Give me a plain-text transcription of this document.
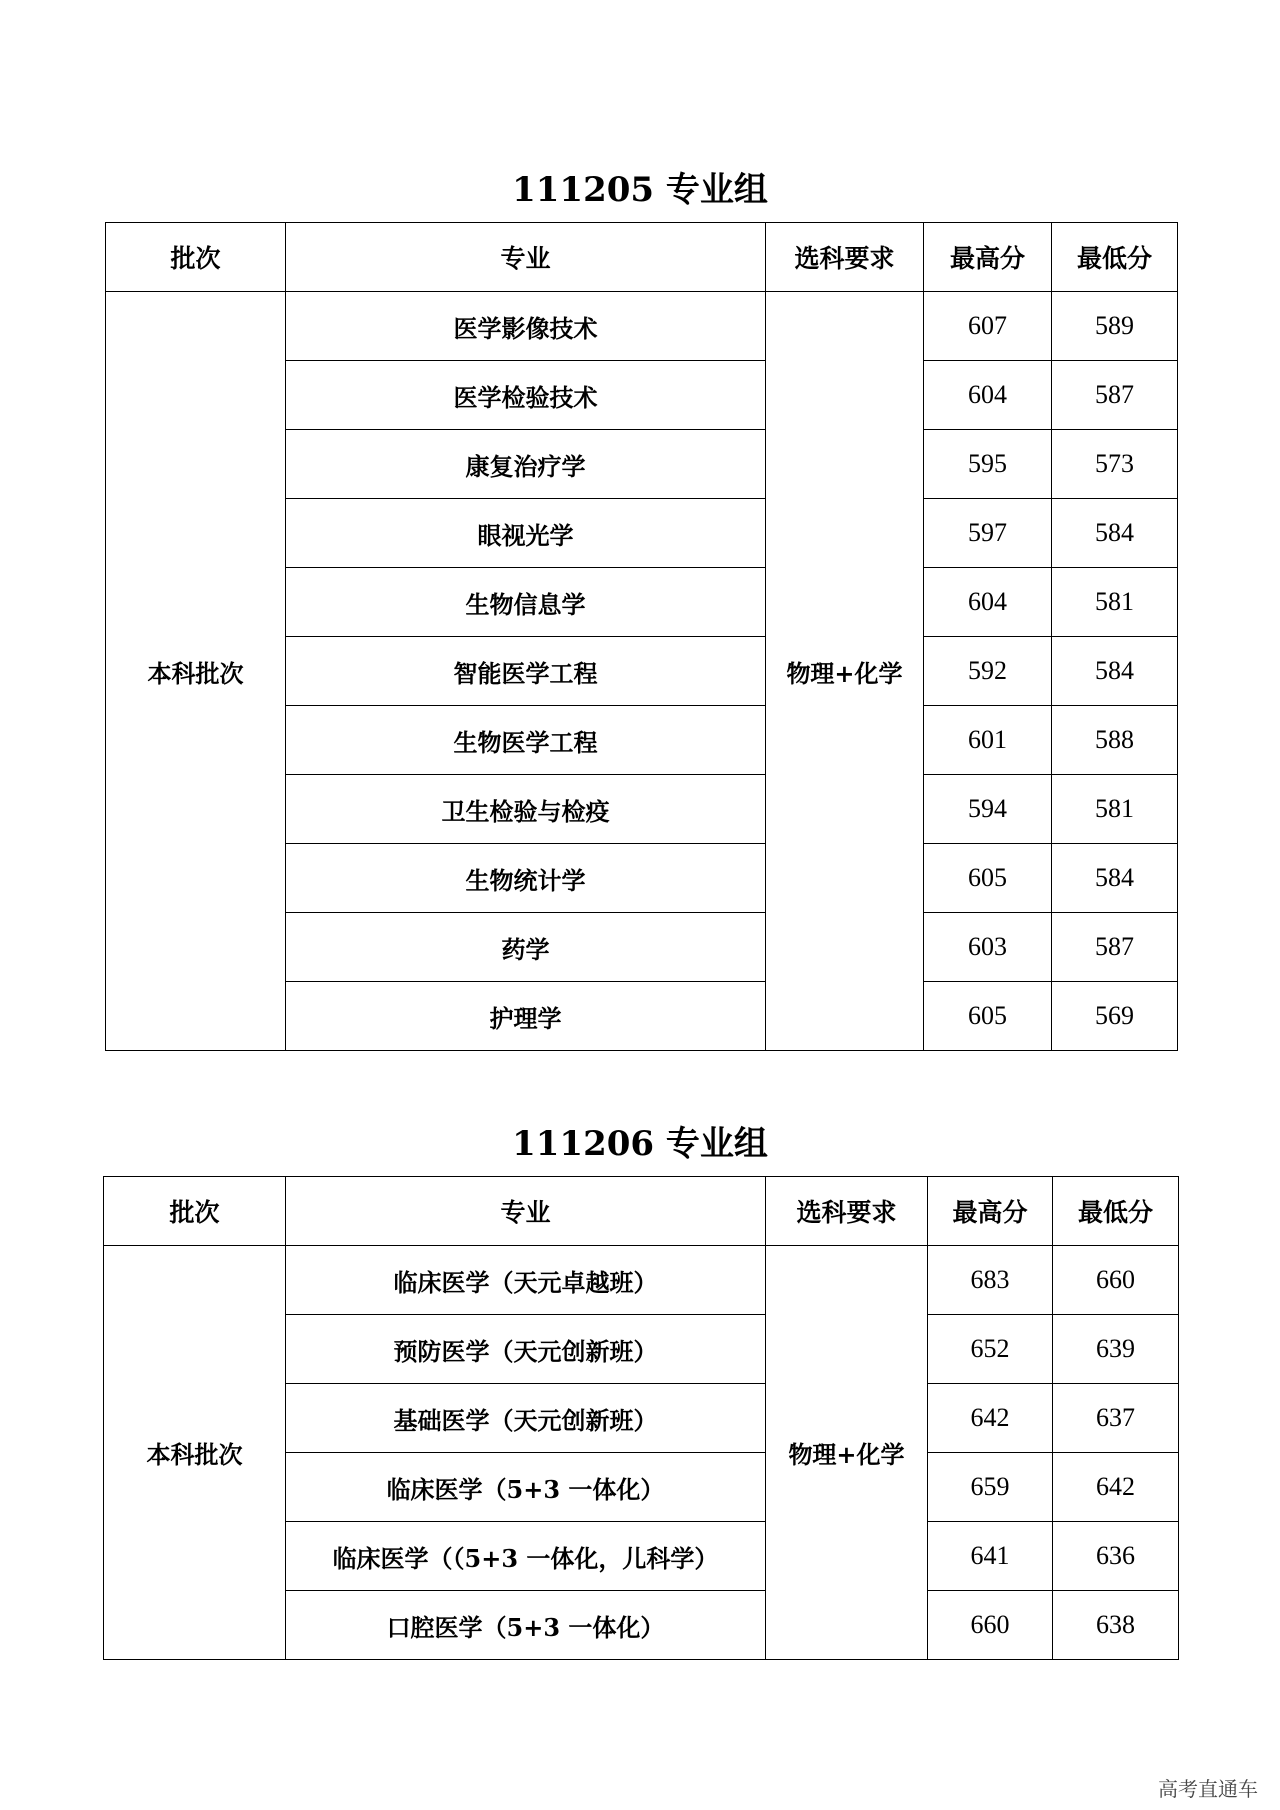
111205 专业组
批次	专业	选科要求	最高分	最低分
本科批次	医学影像技术	物理+化学	607	589
	医学检验技术		604	587
	康复治疗学		595	573
	眼视光学		597	584
	生物信息学		604	581
	智能医学工程		592	584
	生物医学工程		601	588
	卫生检验与检疫		594	581
	生物统计学		605	584
	药学		603	587
	护理学		605	569
111206 专业组
批次	专业	选科要求	最高分	最低分
本科批次	临床医学（天元卓越班）	物理+化学	683	660
	预防医学（天元创新班）		652	639
	基础医学（天元创新班）		642	637
	临床医学（5+3 一体化）		659	642
	临床医学（（5+3 一体化，儿科学）		641	636
	口腔医学（5+3 一体化）		660	638
高考直通车
